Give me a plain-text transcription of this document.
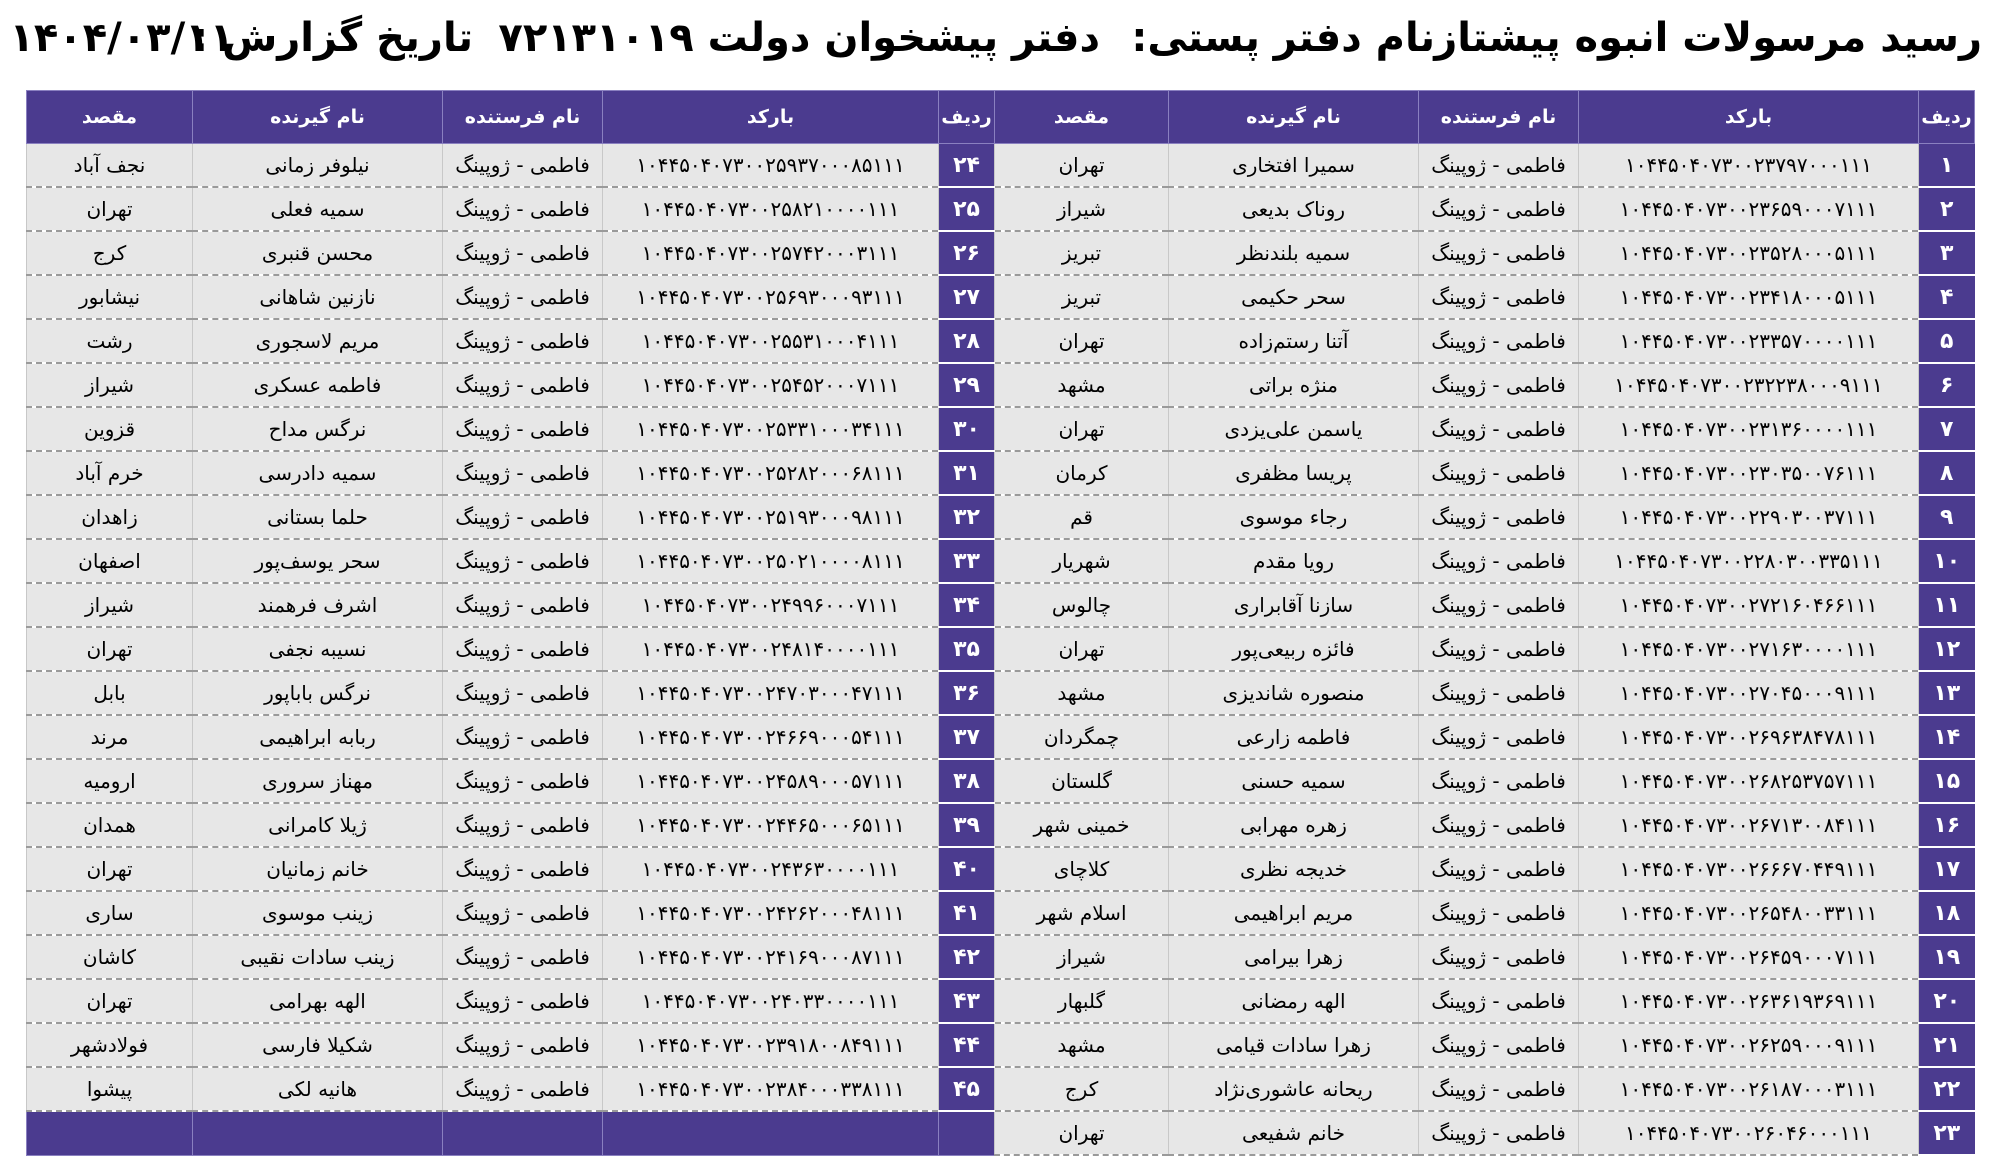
رسید مرسولات انبوه پیشتاز
نام دفتر پستی:
دفتر پیشخوان دولت ۷۲۱۳۱۰۱۹
تاریخ گزارش :
۱۴۰۴/۰۳/۱۱
ردیف	بارکد	نام فرستنده	نام گیرنده	مقصد	ردیف	بارکد	نام فرستنده	نام گیرنده	مقصد
۱	۱۰۴۴۵۰۴۰۷۳۰۰۲۳۷۹۷۰۰۰۱۱۱	فاطمی - ژوپینگ	سمیرا افتخاری	تهران	۲۴	۱۰۴۴۵۰۴۰۷۳۰۰۲۵۹۳۷۰۰۰۸۵۱۱۱	فاطمی - ژوپینگ	نیلوفر زمانی	نجف آباد
۲	۱۰۴۴۵۰۴۰۷۳۰۰۲۳۶۵۹۰۰۰۷۱۱۱	فاطمی - ژوپینگ	روناک بدیعی	شیراز	۲۵	۱۰۴۴۵۰۴۰۷۳۰۰۲۵۸۲۱۰۰۰۰۱۱۱	فاطمی - ژوپینگ	سمیه فعلی	تهران
۳	۱۰۴۴۵۰۴۰۷۳۰۰۲۳۵۲۸۰۰۰۵۱۱۱	فاطمی - ژوپینگ	سمیه بلندنظر	تبریز	۲۶	۱۰۴۴۵۰۴۰۷۳۰۰۲۵۷۴۲۰۰۰۳۱۱۱	فاطمی - ژوپینگ	محسن قنبری	کرج
۴	۱۰۴۴۵۰۴۰۷۳۰۰۲۳۴۱۸۰۰۰۵۱۱۱	فاطمی - ژوپینگ	سحر حکیمی	تبریز	۲۷	۱۰۴۴۵۰۴۰۷۳۰۰۲۵۶۹۳۰۰۰۹۳۱۱۱	فاطمی - ژوپینگ	نازنین شاهانی	نیشابور
۵	۱۰۴۴۵۰۴۰۷۳۰۰۲۳۳۵۷۰۰۰۰۱۱۱	فاطمی - ژوپینگ	آتنا رستم‌زاده	تهران	۲۸	۱۰۴۴۵۰۴۰۷۳۰۰۲۵۵۳۱۰۰۰۴۱۱۱	فاطمی - ژوپینگ	مریم لاسجوری	رشت
۶	۱۰۴۴۵۰۴۰۷۳۰۰۲۳۲۲۳۸۰۰۰۹۱۱۱	فاطمی - ژوپینگ	منژه براتی	مشهد	۲۹	۱۰۴۴۵۰۴۰۷۳۰۰۲۵۴۵۲۰۰۰۷۱۱۱	فاطمی - ژوپینگ	فاطمه عسکری	شیراز
۷	۱۰۴۴۵۰۴۰۷۳۰۰۲۳۱۳۶۰۰۰۰۱۱۱	فاطمی - ژوپینگ	یاسمن علی‌یزدی	تهران	۳۰	۱۰۴۴۵۰۴۰۷۳۰۰۲۵۳۳۱۰۰۰۳۴۱۱۱	فاطمی - ژوپینگ	نرگس مداح	قزوین
۸	۱۰۴۴۵۰۴۰۷۳۰۰۲۳۰۳۵۰۰۷۶۱۱۱	فاطمی - ژوپینگ	پریسا مظفری	کرمان	۳۱	۱۰۴۴۵۰۴۰۷۳۰۰۲۵۲۸۲۰۰۰۶۸۱۱۱	فاطمی - ژوپینگ	سمیه دادرسی	خرم آباد
۹	۱۰۴۴۵۰۴۰۷۳۰۰۲۲۹۰۳۰۰۳۷۱۱۱	فاطمی - ژوپینگ	رجاء موسوی	قم	۳۲	۱۰۴۴۵۰۴۰۷۳۰۰۲۵۱۹۳۰۰۰۹۸۱۱۱	فاطمی - ژوپینگ	حلما بستانی	زاهدان
۱۰	۱۰۴۴۵۰۴۰۷۳۰۰۲۲۸۰۳۰۰۳۳۵۱۱۱	فاطمی - ژوپینگ	رویا مقدم	شهریار	۳۳	۱۰۴۴۵۰۴۰۷۳۰۰۲۵۰۲۱۰۰۰۰۸۱۱۱	فاطمی - ژوپینگ	سحر یوسف‌پور	اصفهان
۱۱	۱۰۴۴۵۰۴۰۷۳۰۰۲۷۲۱۶۰۴۶۶۱۱۱	فاطمی - ژوپینگ	سازنا آقابراری	چالوس	۳۴	۱۰۴۴۵۰۴۰۷۳۰۰۲۴۹۹۶۰۰۰۷۱۱۱	فاطمی - ژوپینگ	اشرف فرهمند	شیراز
۱۲	۱۰۴۴۵۰۴۰۷۳۰۰۲۷۱۶۳۰۰۰۰۱۱۱	فاطمی - ژوپینگ	فائزه ربیعی‌پور	تهران	۳۵	۱۰۴۴۵۰۴۰۷۳۰۰۲۴۸۱۴۰۰۰۰۱۱۱	فاطمی - ژوپینگ	نسیبه نجفی	تهران
۱۳	۱۰۴۴۵۰۴۰۷۳۰۰۲۷۰۴۵۰۰۰۹۱۱۱	فاطمی - ژوپینگ	منصوره شاندیزی	مشهد	۳۶	۱۰۴۴۵۰۴۰۷۳۰۰۲۴۷۰۳۰۰۰۴۷۱۱۱	فاطمی - ژوپینگ	نرگس باباپور	بابل
۱۴	۱۰۴۴۵۰۴۰۷۳۰۰۲۶۹۶۳۸۴۷۸۱۱۱	فاطمی - ژوپینگ	فاطمه زارعی	چمگردان	۳۷	۱۰۴۴۵۰۴۰۷۳۰۰۲۴۶۶۹۰۰۰۵۴۱۱۱	فاطمی - ژوپینگ	ربابه ابراهیمی	مرند
۱۵	۱۰۴۴۵۰۴۰۷۳۰۰۲۶۸۲۵۳۷۵۷۱۱۱	فاطمی - ژوپینگ	سمیه حسنی	گلستان	۳۸	۱۰۴۴۵۰۴۰۷۳۰۰۲۴۵۸۹۰۰۰۵۷۱۱۱	فاطمی - ژوپینگ	مهناز سروری	ارومیه
۱۶	۱۰۴۴۵۰۴۰۷۳۰۰۲۶۷۱۳۰۰۸۴۱۱۱	فاطمی - ژوپینگ	زهره مهرابی	خمینی شهر	۳۹	۱۰۴۴۵۰۴۰۷۳۰۰۲۴۴۶۵۰۰۰۶۵۱۱۱	فاطمی - ژوپینگ	ژیلا کامرانی	همدان
۱۷	۱۰۴۴۵۰۴۰۷۳۰۰۲۶۶۶۷۰۴۴۹۱۱۱	فاطمی - ژوپینگ	خدیجه نظری	کلاچای	۴۰	۱۰۴۴۵۰۴۰۷۳۰۰۲۴۳۶۳۰۰۰۰۱۱۱	فاطمی - ژوپینگ	خانم زمانیان	تهران
۱۸	۱۰۴۴۵۰۴۰۷۳۰۰۲۶۵۴۸۰۰۳۳۱۱۱	فاطمی - ژوپینگ	مریم ابراهیمی	اسلام شهر	۴۱	۱۰۴۴۵۰۴۰۷۳۰۰۲۴۲۶۲۰۰۰۴۸۱۱۱	فاطمی - ژوپینگ	زینب موسوی	ساری
۱۹	۱۰۴۴۵۰۴۰۷۳۰۰۲۶۴۵۹۰۰۰۷۱۱۱	فاطمی - ژوپینگ	زهرا بیرامی	شیراز	۴۲	۱۰۴۴۵۰۴۰۷۳۰۰۲۴۱۶۹۰۰۰۸۷۱۱۱	فاطمی - ژوپینگ	زینب سادات نقیبی	کاشان
۲۰	۱۰۴۴۵۰۴۰۷۳۰۰۲۶۳۶۱۹۳۶۹۱۱۱	فاطمی - ژوپینگ	الهه رمضانی	گلبهار	۴۳	۱۰۴۴۵۰۴۰۷۳۰۰۲۴۰۳۳۰۰۰۰۱۱۱	فاطمی - ژوپینگ	الهه بهرامی	تهران
۲۱	۱۰۴۴۵۰۴۰۷۳۰۰۲۶۲۵۹۰۰۰۹۱۱۱	فاطمی - ژوپینگ	زهرا سادات قیامی	مشهد	۴۴	۱۰۴۴۵۰۴۰۷۳۰۰۲۳۹۱۸۰۰۸۴۹۱۱۱	فاطمی - ژوپینگ	شکیلا فارسی	فولادشهر
۲۲	۱۰۴۴۵۰۴۰۷۳۰۰۲۶۱۸۷۰۰۰۳۱۱۱	فاطمی - ژوپینگ	ریحانه عاشوری‌نژاد	کرج	۴۵	۱۰۴۴۵۰۴۰۷۳۰۰۲۳۸۴۰۰۰۳۳۸۱۱۱	فاطمی - ژوپینگ	هانیه لکی	پیشوا
۲۳	۱۰۴۴۵۰۴۰۷۳۰۰۲۶۰۴۶۰۰۰۱۱۱	فاطمی - ژوپینگ	خانم شفیعی	تهران					
